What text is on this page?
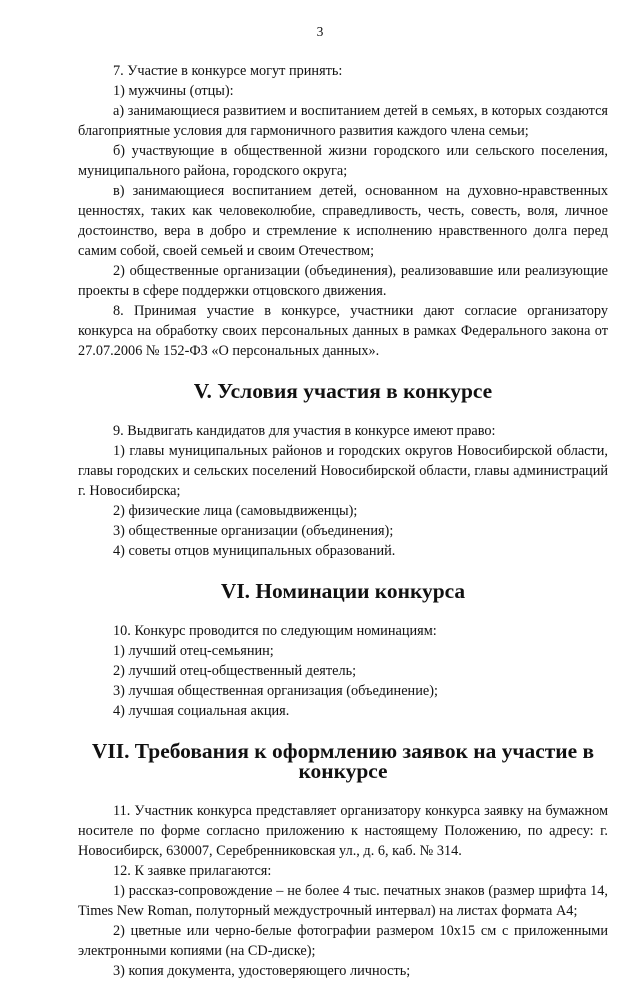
3

7. Участие в конкурсе могут принять:

1) мужчины (отцы):

а) занимающиеся развитием и воспитанием детей в семьях, в которых создаются благоприятные условия для гармоничного развития каждого члена семьи;

б) участвующие в общественной жизни городского или сельского поселения, муниципального района, городского округа;

в) занимающиеся воспитанием детей, основанном на духовно-нравственных ценностях, таких как человеколюбие, справедливость, честь, совесть, воля, личное достоинство, вера в добро и стремление к исполнению нравственного долга перед самим собой, своей семьей и своим Отечеством;

2) общественные организации (объединения), реализовавшие или реализующие проекты в сфере поддержки отцовского движения.

8. Принимая участие в конкурсе, участники дают согласие организатору конкурса на обработку своих персональных данных в рамках Федерального закона от 27.07.2006 № 152-ФЗ «О персональных данных».

V. Условия участия в конкурсе

9. Выдвигать кандидатов для участия в конкурсе имеют право:

1) главы муниципальных районов и городских округов Новосибирской области, главы городских и сельских поселений Новосибирской области, главы администраций г. Новосибирска;

2) физические лица (самовыдвиженцы);

3) общественные организации (объединения);

4) советы отцов муниципальных образований.

VI. Номинации конкурса

10. Конкурс проводится по следующим номинациям:

1) лучший отец-семьянин;

2) лучший отец-общественный деятель;

3) лучшая общественная организация (объединение);

4) лучшая социальная акция.

VII. Требования к оформлению заявок на участие в конкурсе

11. Участник конкурса представляет организатору конкурса заявку на бумажном носителе по форме согласно приложению к настоящему Положению, по адресу: г. Новосибирск, 630007, Серебренниковская ул., д. 6, каб. № 314.

12. К заявке прилагаются:

1) рассказ-сопровождение – не более 4 тыс. печатных знаков (размер шрифта 14, Times New Roman, полуторный междустрочный интервал) на листах формата А4;

2) цветные или черно-белые фотографии размером 10х15 см с приложенными электронными копиями (на CD-диске);

3) копия документа, удостоверяющего личность;
